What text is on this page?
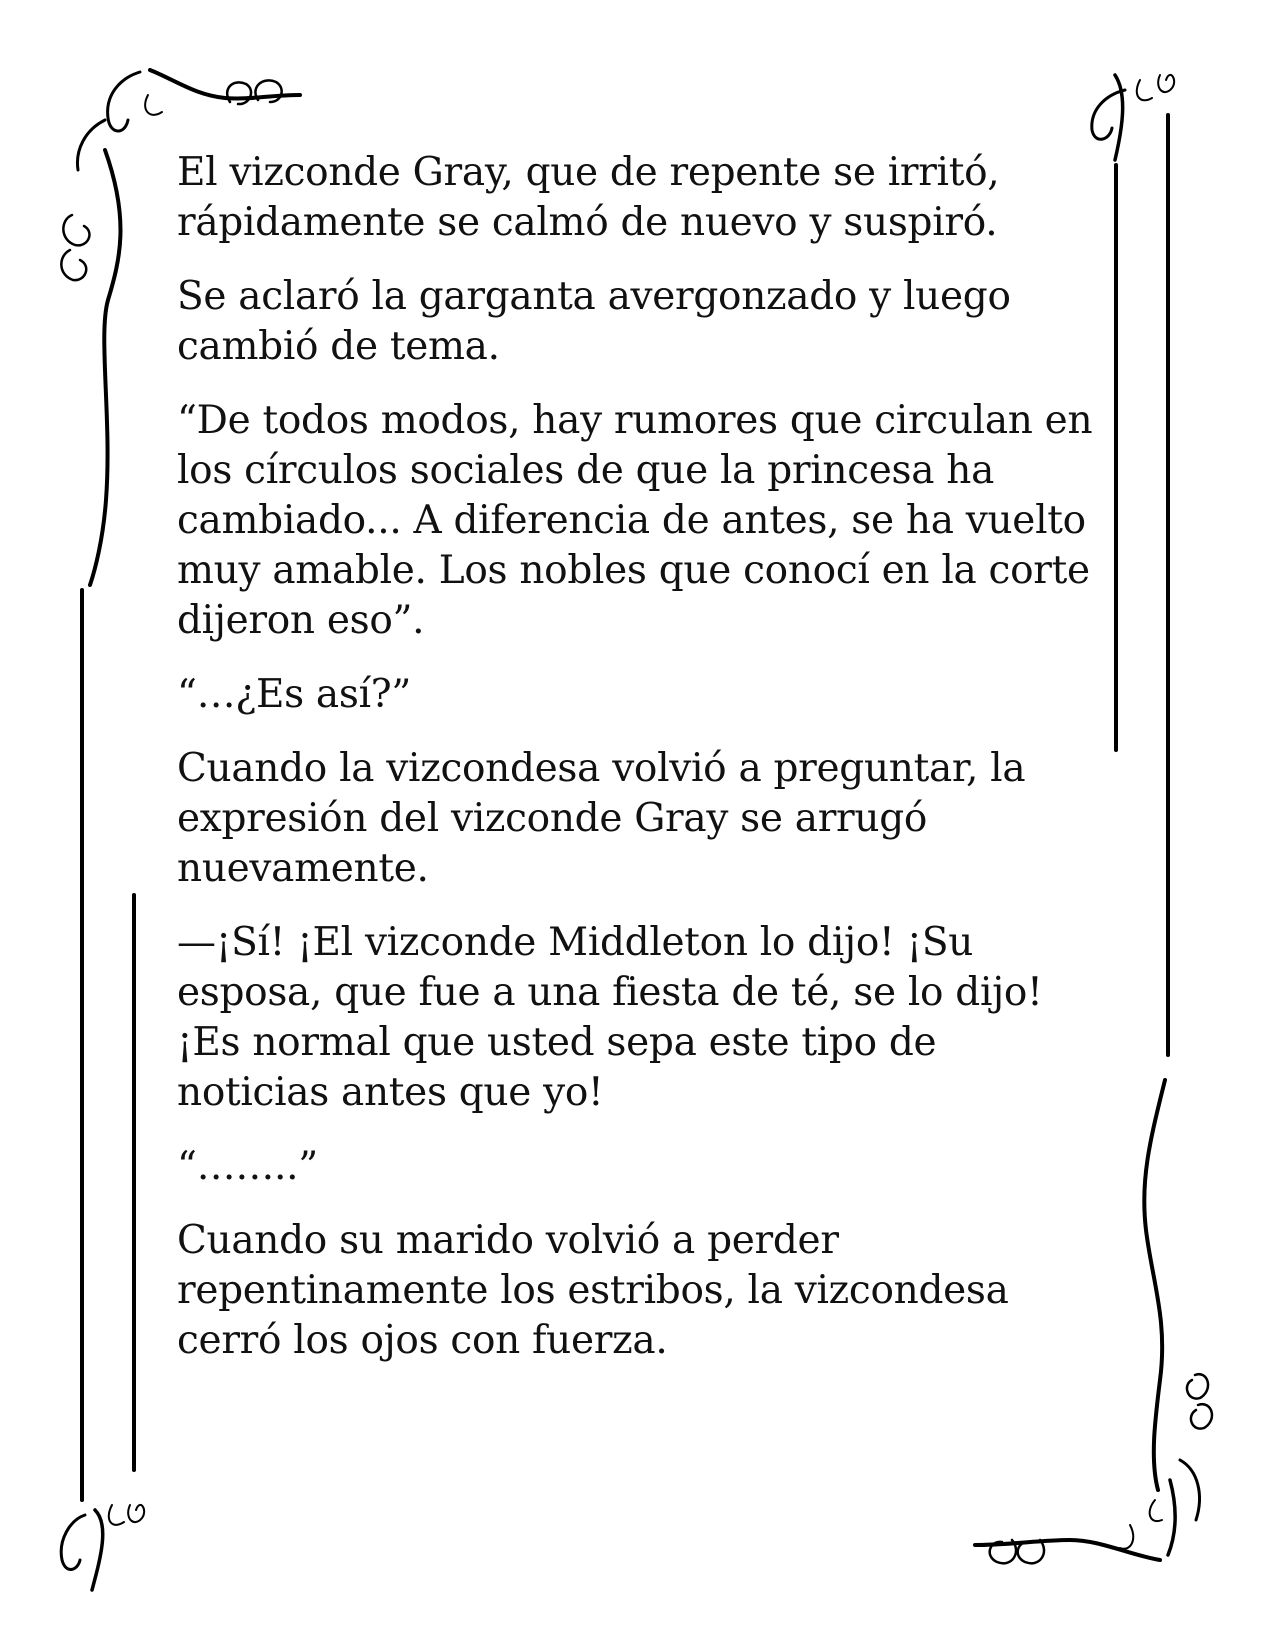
El vizconde Gray, que de repente se irritó, rápidamente se calmó de nuevo y suspiró.

Se aclaró la garganta avergonzado y luego cambió de tema.

“De todos modos, hay rumores que circulan en los círculos sociales de que la princesa ha cambiado... A diferencia de antes, se ha vuelto muy amable. Los nobles que conocí en la corte dijeron eso”.

“…¿Es así?”

Cuando la vizcondesa volvió a preguntar, la expresión del vizconde Gray se arrugó nuevamente.

—¡Sí! ¡El vizconde Middleton lo dijo! ¡Su esposa, que fue a una fiesta de té, se lo dijo! ¡Es normal que usted sepa este tipo de noticias antes que yo!

“……..”

Cuando su marido volvió a perder repentinamente los estribos, la vizcondesa cerró los ojos con fuerza.
